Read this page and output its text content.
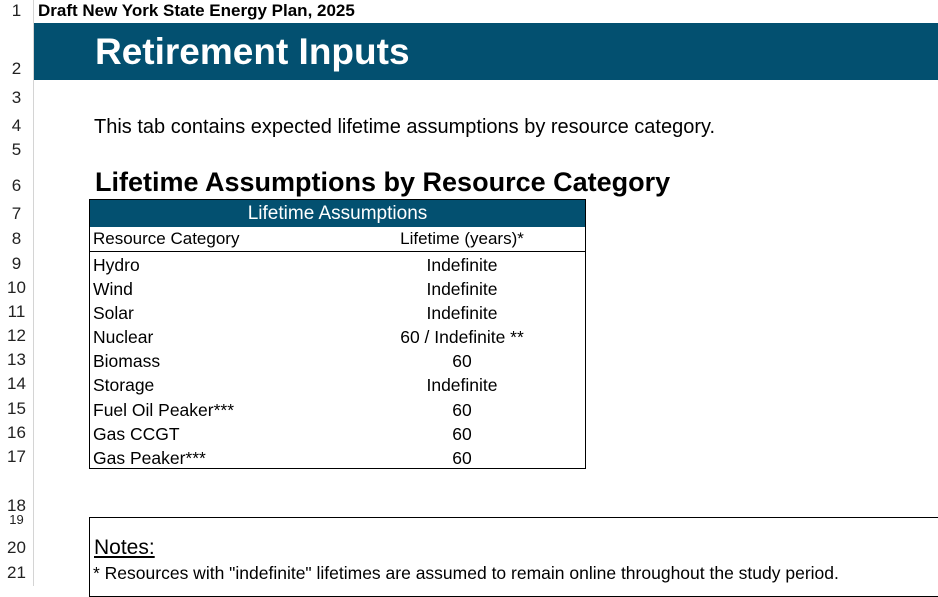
1
2
3
4
5
6
7
8
9
10
11
12
13
14
15
16
17
18
19
20
21
Draft New York State Energy Plan, 2025
Retirement Inputs
This tab contains expected lifetime assumptions by resource category.
Lifetime Assumptions by Resource Category
Lifetime Assumptions
Resource Category	Lifetime (years)*
Hydro	Indefinite
Wind	Indefinite
Solar	Indefinite
Nuclear	60 / Indefinite **
Biomass	60
Storage	Indefinite
Fuel Oil Peaker***	60
Gas CCGT	60
Gas Peaker***	60
Notes:
* Resources with "indefinite" lifetimes are assumed to remain online throughout the study period.
